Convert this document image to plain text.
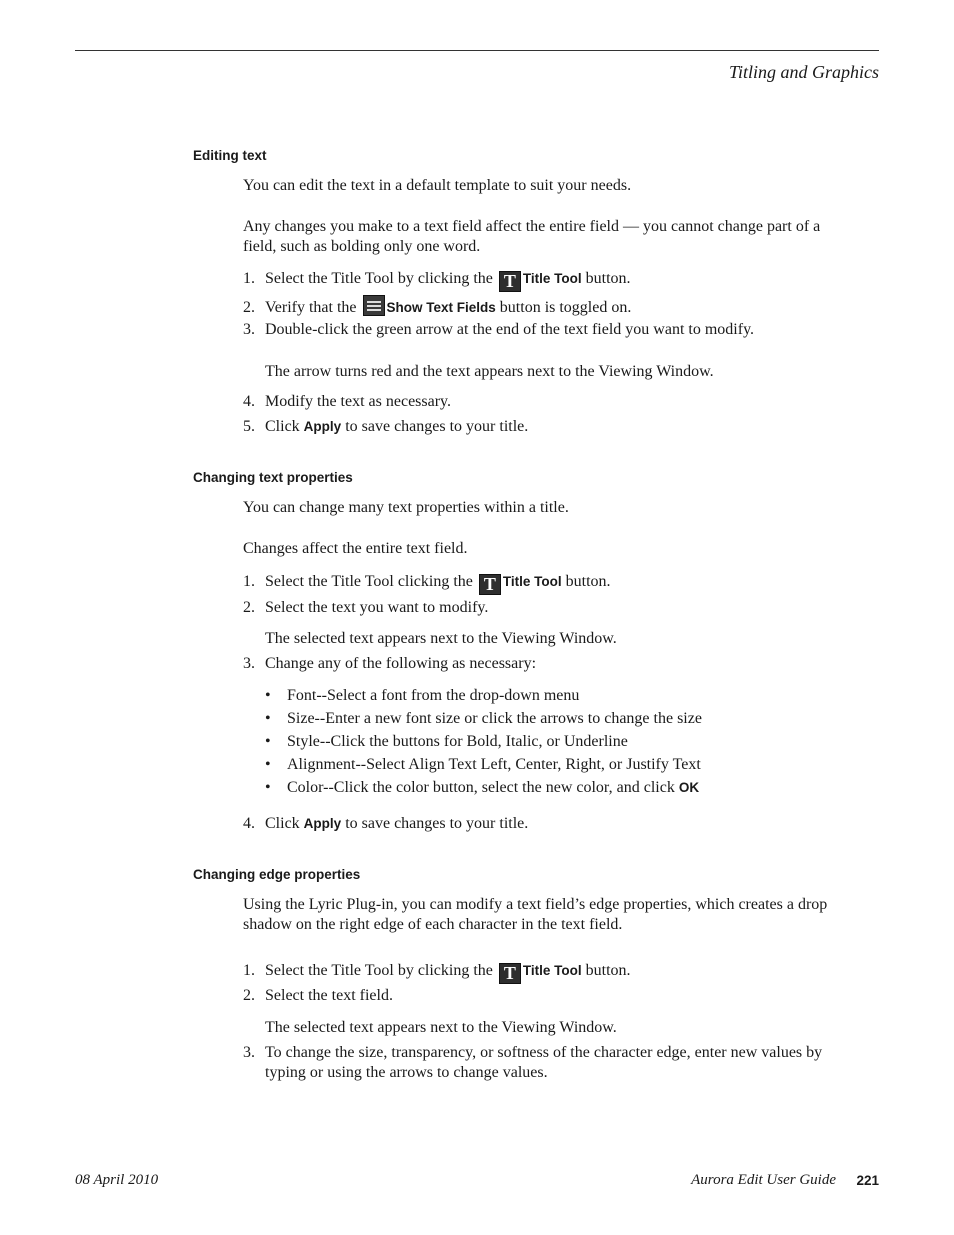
Titling and Graphics
Editing text
You can edit the text in a default template to suit your needs.
Any changes you make to a text field affect the entire field — you cannot change part of a field, such as bolding only one word.
1. Select the Title Tool by clicking the T Title Tool button.
2. Verify that the Show Text Fields button is toggled on.
3. Double-click the green arrow at the end of the text field you want to modify.
The arrow turns red and the text appears next to the Viewing Window.
4. Modify the text as necessary.
5. Click Apply to save changes to your title.
Changing text properties
You can change many text properties within a title.
Changes affect the entire text field.
1. Select the Title Tool clicking the T Title Tool button.
2. Select the text you want to modify.
The selected text appears next to the Viewing Window.
3. Change any of the following as necessary:
• Font--Select a font from the drop-down menu
• Size--Enter a new font size or click the arrows to change the size
• Style--Click the buttons for Bold, Italic, or Underline
• Alignment--Select Align Text Left, Center, Right, or Justify Text
• Color--Click the color button, select the new color, and click OK
4. Click Apply to save changes to your title.
Changing edge properties
Using the Lyric Plug-in, you can modify a text field’s edge properties, which creates a drop shadow on the right edge of each character in the text field.
1. Select the Title Tool by clicking the T Title Tool button.
2. Select the text field.
The selected text appears next to the Viewing Window.
3. To change the size, transparency, or softness of the character edge, enter new values by typing or using the arrows to change values.
08 April 2010	Aurora Edit User Guide 221
